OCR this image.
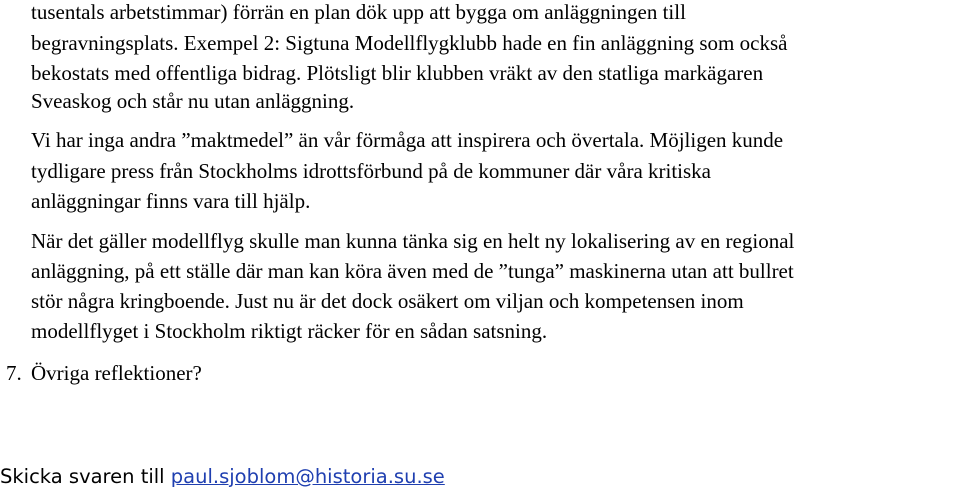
tusentals arbetstimmar) förrän en plan dök upp att bygga om anläggningen till
begravningsplats. Exempel 2: Sigtuna Modellflygklubb hade en fin anläggning som också
bekostats med offentliga bidrag. Plötsligt blir klubben vräkt av den statliga markägaren
Sveaskog och står nu utan anläggning.
Vi har inga andra ”maktmedel” än vår förmåga att inspirera och övertala. Möjligen kunde
tydligare press från Stockholms idrottsförbund på de kommuner där våra kritiska
anläggningar finns vara till hjälp.
När det gäller modellflyg skulle man kunna tänka sig en helt ny lokalisering av en regional
anläggning, på ett ställe där man kan köra även med de ”tunga” maskinerna utan att bullret
stör några kringboende. Just nu är det dock osäkert om viljan och kompetensen inom
modellflyget i Stockholm riktigt räcker för en sådan satsning.
7. Övriga reflektioner?
Skicka svaren till paul.sjoblom@historia.su.se
